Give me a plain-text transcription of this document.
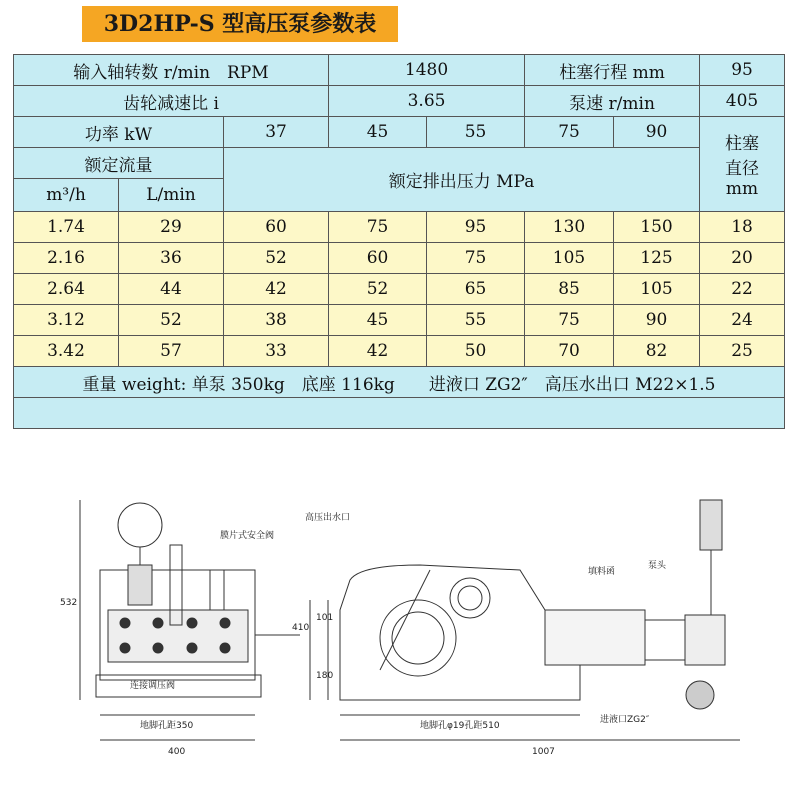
3D2HP-S 型高压泵参数表
输入轴转数 r/min　RPM			1480		柱塞行程 mm		95
齿轮减速比 i			3.65		泵速 r/min		405
功率 kW		37	45	55	75	90	柱塞
直径
mm

额定流量		额定排出压力 MPa					
m³/h	L/min						
1.74	29	60	75	95	130	150	18
2.16	36	52	60	75	105	125	20
2.64	44	42	52	65	85	105	22
3.12	52	38	45	55	75	90	24
3.42	57	33	42	50	70	82	25
重量 weight: 单泵 350kg　底座 116kg　　进液口 ZG2″　高压水出口 M22×1.5							

膜片式安全阀
高压出水口
填料函
泵头
连接调压阀
进液口ZG2″
地脚孔距350	地脚孔φ19孔距510
532
410
101
180
400	1007
